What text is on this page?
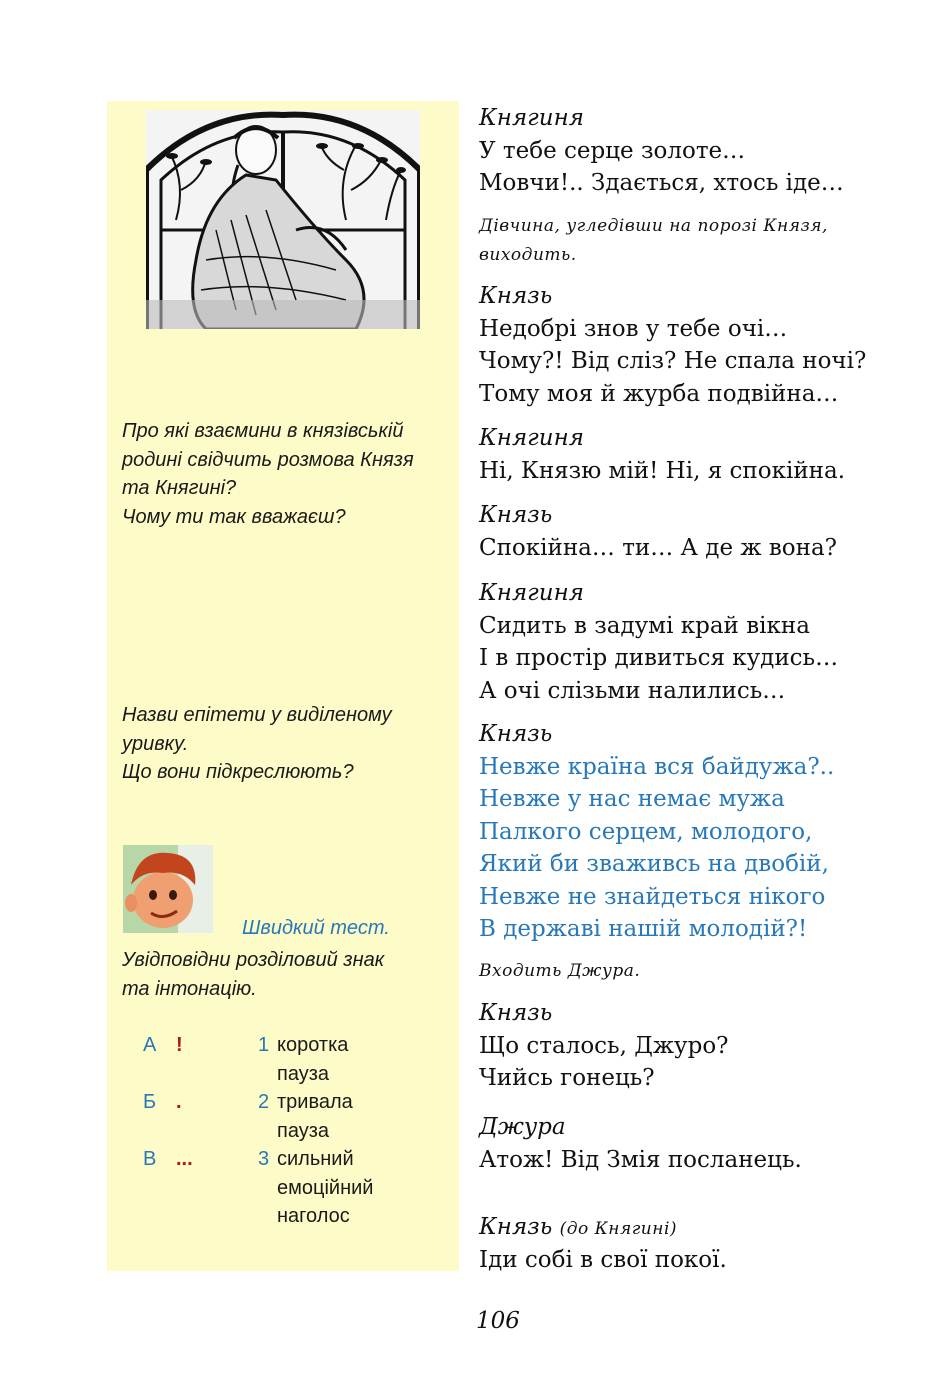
Про які взаємини в князівській
родині свідчить розмова Князя
та Княгині?
Чому ти так вважаєш?
Назви епітети у виділеному
уривку.
Що вони підкреслюють?
Швидкий тест.
Увідповідни розділовий знак
та інтонацію.
А !
Б .
В ...
1 коротка
пауза
2 тривала
пауза
3 сильний
емоційний
наголос
Княгиня
У тебе серце золоте…
Мовчи!.. Здається, хтось іде…
Дівчина, угледівши на порозі Князя,
виходить.
Князь
Недобрі знов у тебе очі…
Чому?! Від сліз? Не спала ночі?
Тому моя й журба подвійна…
Княгиня
Ні, Князю мій! Ні, я спокійна.
Князь
Спокійна… ти… А де ж вона?
Княгиня
Сидить в задумі край вікна
І в простір дивиться кудись…
А очі слізьми налились…
Князь
Невже країна вся байдужа?..
Невже у нас немає мужа
Палкого серцем, молодого,
Який би зваживсь на двобій,
Невже не знайдеться нікого
В державі нашій молодій?!
Входить Джура.
Князь
Що сталось, Джуро?
Чийсь гонець?
Джура
Атож! Від Змія посланець.
Князь (до Княгині)
Іди собі в свої покої.
106
